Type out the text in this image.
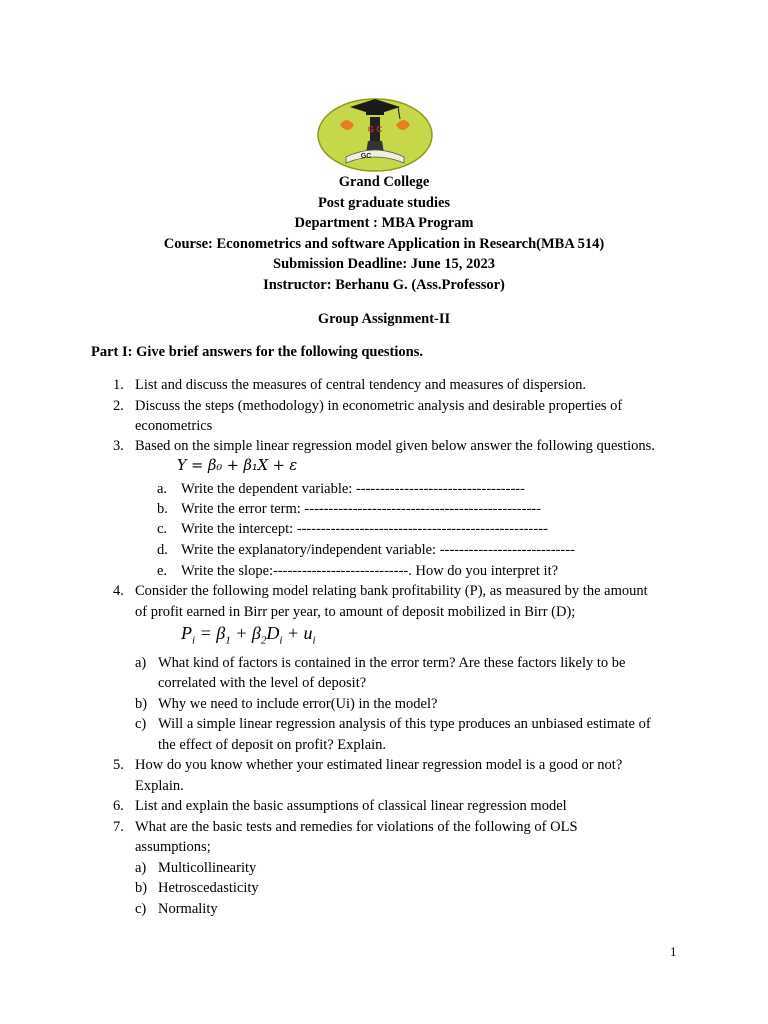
G C
GC

Grand College

Post graduate studies

Department : MBA Program

Course: Econometrics and software Application in Research(MBA 514)

Submission Deadline: June 15, 2023

Instructor: Berhanu G. (Ass.Professor)

Group Assignment-II
Part I: Give brief answers for the following questions.
1. List and discuss the measures of central tendency and measures of dispersion.
2. Discuss the steps (methodology) in econometric analysis and desirable properties of
econometrics
3. Based on the simple linear regression model given below answer the following questions.
Y = β₀ + β₁X + ε
a. Write the dependent variable: -----------------------------------
b. Write the error term: -------------------------------------------------
c. Write the intercept: ----------------------------------------------------
d. Write the explanatory/independent variable: ----------------------------
e. Write the slope:----------------------------. How do you interpret it?
4. Consider the following model relating bank profitability (P), as measured by the amount
of profit earned in Birr per year, to amount of deposit mobilized in Birr (D);
$P_i = \beta_1 + \beta_2D_i + u_i$
a) What kind of factors is contained in the error term? Are these factors likely to be
correlated with the level of deposit?
b) Why we need to include error(Ui) in the model?
c) Will a simple linear regression analysis of this type produces an unbiased estimate of
the effect of deposit on profit? Explain.
5. How do you know whether your estimated linear regression model is a good or not?
Explain.
6. List and explain the basic assumptions of classical linear regression model
7. What are the basic tests and remedies for violations of the following of OLS
assumptions;
a) Multicollinearity
b) Hetroscedasticity
c) Normality
1
